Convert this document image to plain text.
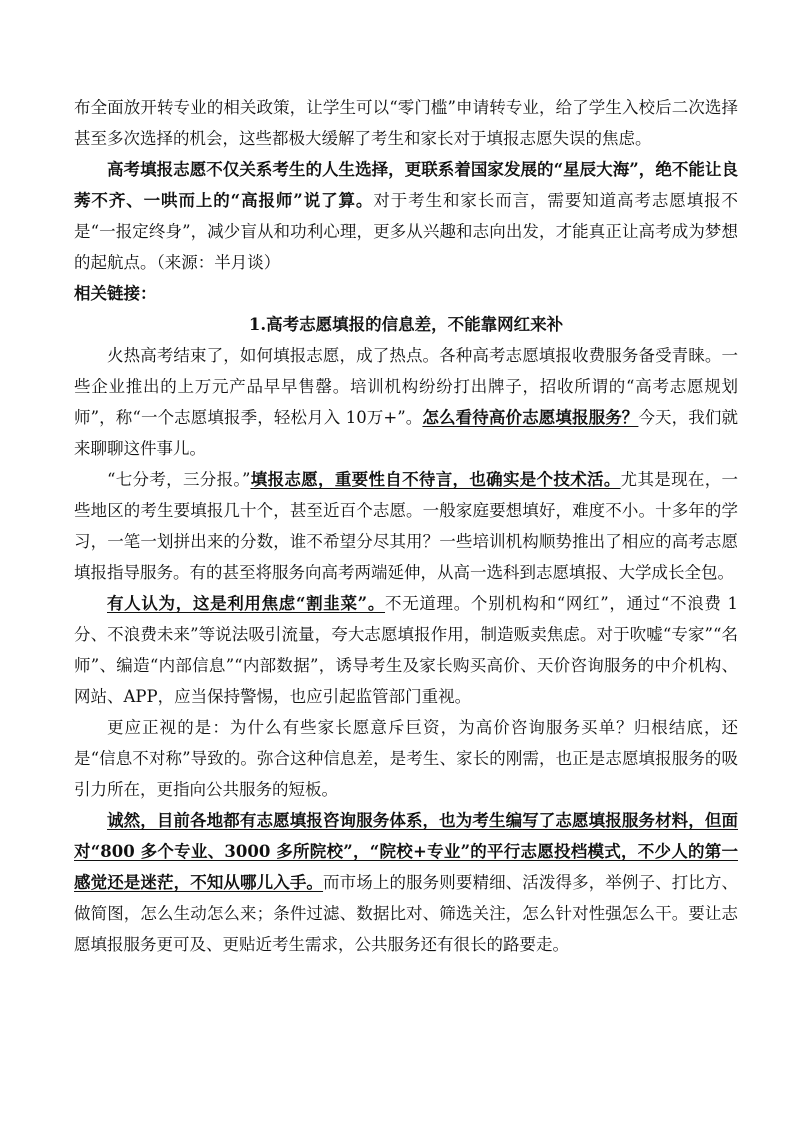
布全面放开转专业的相关政策，让学生可以“零门槛”申请转专业，给了学生入校后二次选择甚至多次选择的机会，这些都极大缓解了考生和家长对于填报志愿失误的焦虑。

高考填报志愿不仅关系考生的人生选择，更联系着国家发展的“星辰大海”，绝不能让良莠不齐、一哄而上的“高报师”说了算。对于考生和家长而言，需要知道高考志愿填报不是“一报定终身”，减少盲从和功利心理，更多从兴趣和志向出发，才能真正让高考成为梦想的起航点。（来源：半月谈）

相关链接：

1.高考志愿填报的信息差，不能靠网红来补

火热高考结束了，如何填报志愿，成了热点。各种高考志愿填报收费服务备受青睐。一些企业推出的上万元产品早早售罄。培训机构纷纷打出牌子，招收所谓的“高考志愿规划师”，称“一个志愿填报季，轻松月入 10万+”。怎么看待高价志愿填报服务？今天，我们就来聊聊这件事儿。

“七分考，三分报。”填报志愿，重要性自不待言，也确实是个技术活。尤其是现在，一些地区的考生要填报几十个，甚至近百个志愿。一般家庭要想填好，难度不小。十多年的学习，一笔一划拼出来的分数，谁不希望分尽其用？一些培训机构顺势推出了相应的高考志愿填报指导服务。有的甚至将服务向高考两端延伸，从高一选科到志愿填报、大学成长全包。

有人认为，这是利用焦虑“割韭菜”。不无道理。个别机构和“网红”，通过“不浪费 1分、不浪费未来”等说法吸引流量，夸大志愿填报作用，制造贩卖焦虑。对于吹嘘“专家”“名师”、编造“内部信息”“内部数据”，诱导考生及家长购买高价、天价咨询服务的中介机构、网站、APP，应当保持警惕，也应引起监管部门重视。

更应正视的是：为什么有些家长愿意斥巨资，为高价咨询服务买单？归根结底，还是“信息不对称”导致的。弥合这种信息差，是考生、家长的刚需，也正是志愿填报服务的吸引力所在，更指向公共服务的短板。

诚然，目前各地都有志愿填报咨询服务体系，也为考生编写了志愿填报服务材料，但面对“800 多个专业、3000 多所院校”，“院校+专业”的平行志愿投档模式，不少人的第一感觉还是迷茫，不知从哪儿入手。而市场上的服务则要精细、活泼得多，举例子、打比方、做简图，怎么生动怎么来；条件过滤、数据比对、筛选关注，怎么针对性强怎么干。要让志愿填报服务更可及、更贴近考生需求，公共服务还有很长的路要走。
